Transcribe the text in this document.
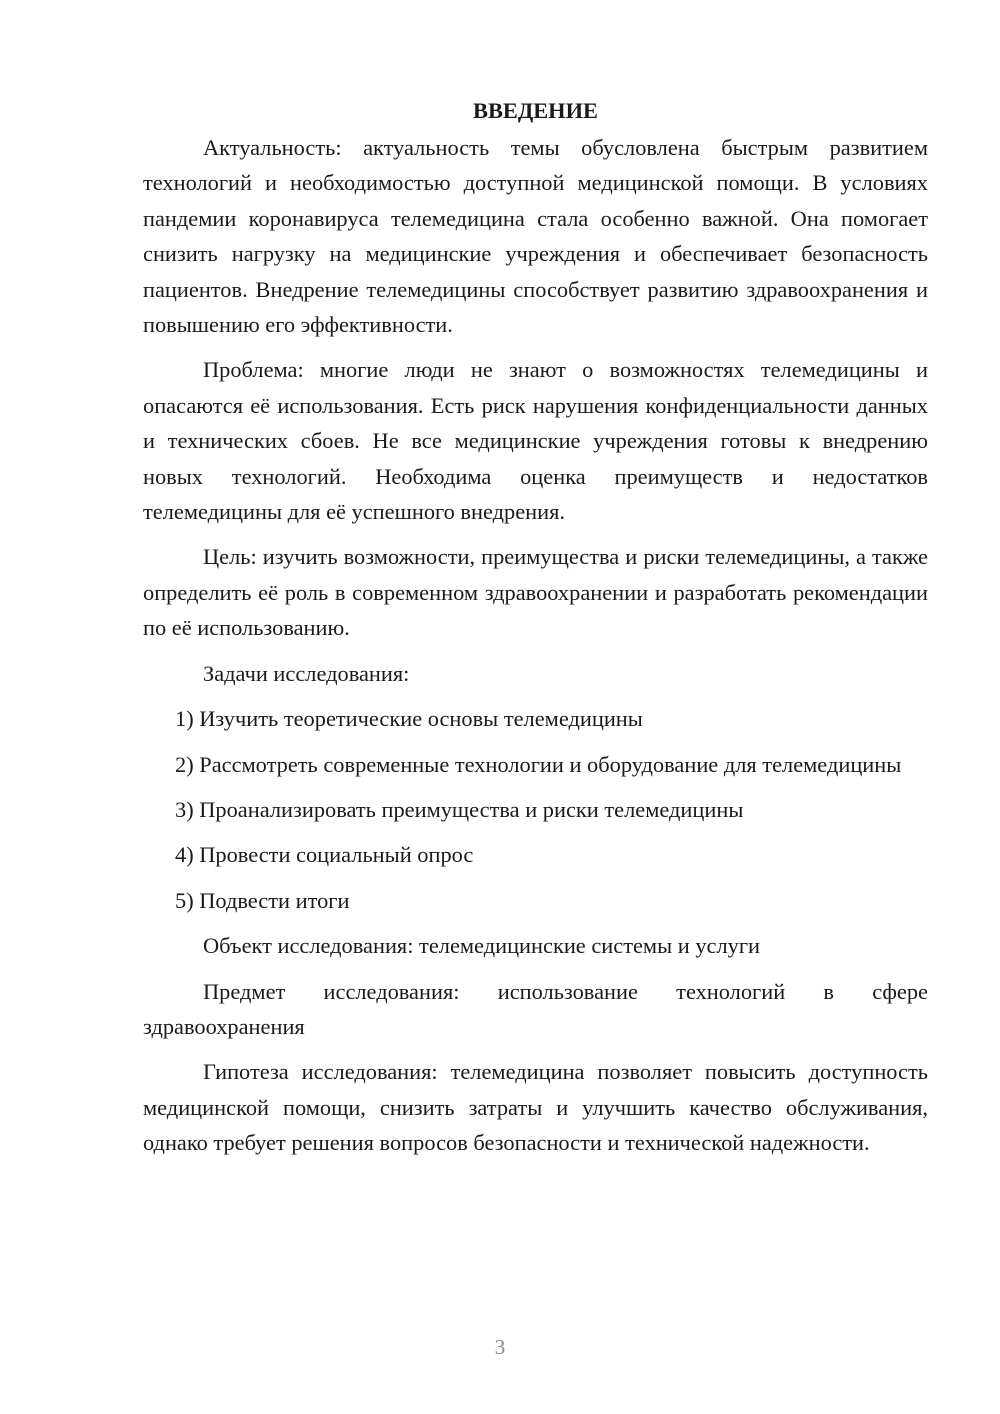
ВВЕДЕНИЕ

Актуальность: актуальность темы обусловлена быстрым развитием технологий и необходимостью доступной медицинской помощи. В условиях пандемии коронавируса телемедицина стала особенно важной. Она помогает снизить нагрузку на медицинские учреждения и обеспечивает безопасность пациентов. Внедрение телемедицины способствует развитию здравоохранения и повышению его эффективности.

Проблема: многие люди не знают о возможностях телемедицины и опасаются её использования. Есть риск нарушения конфиденциальности данных и технических сбоев. Не все медицинские учреждения готовы к внедрению новых технологий. Необходима оценка преимуществ и недостатков телемедицины для её успешного внедрения.

Цель: изучить возможности, преимущества и риски телемедицины, а также определить её роль в современном здравоохранении и разработать рекомендации по её использованию.

Задачи исследования:

1) Изучить теоретические основы телемедицины

2) Рассмотреть современные технологии и оборудование для телемедицины

3) Проанализировать преимущества и риски телемедицины

4) Провести социальный опрос

5) Подвести итоги

Объект исследования: телемедицинские системы и услуги

Предмет исследования: использование технологий в сфере здравоохранения

Гипотеза исследования: телемедицина позволяет повысить доступность медицинской помощи, снизить затраты и улучшить качество обслуживания, однако требует решения вопросов безопасности и технической надежности.

3
